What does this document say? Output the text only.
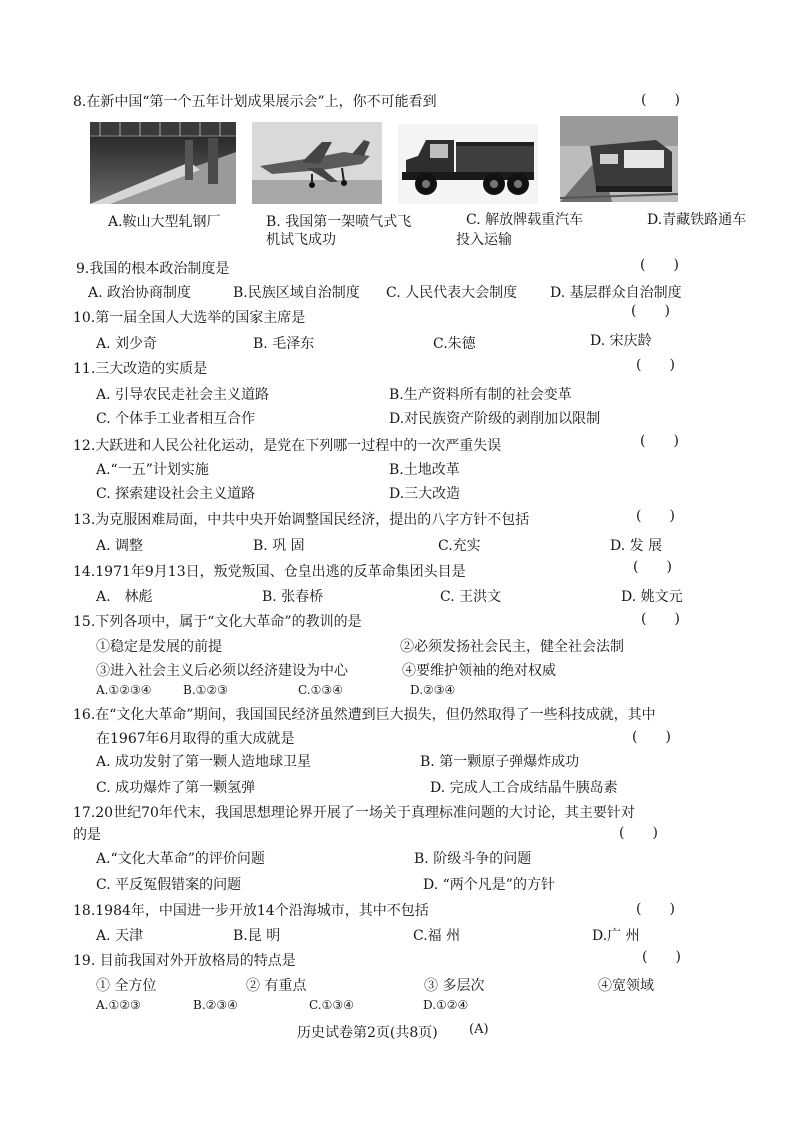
8.在新中国“第一个五年计划成果展示会”上，你不可能看到	(　　)
A.鞍山大型轧钢厂	B. 我国第一架喷气式飞
机试飞成功
C. 解放牌载重汽车
投入运输
D.青藏铁路通车
9.我国的根本政治制度是	(　　)
A. 政治协商制度	B.民族区域自治制度 C. 人民代表大会制度 D. 基层群众自治制度
10.第一届全国人大选举的国家主席是	(　　)
A. 刘少奇	B. 毛泽东	C.朱德	D. 宋庆龄
11.三大改造的实质是	(　　)
A. 引导农民走社会主义道路	B.生产资料所有制的社会变革
C. 个体手工业者相互合作	D.对民族资产阶级的剥削加以限制
12.大跃进和人民公社化运动，是党在下列哪一过程中的一次严重失误	(　　)
A.“一五”计划实施	B.土地改革
C. 探索建设社会主义道路	D.三大改造
13.为克服困难局面，中共中央开始调整国民经济，提出的八字方针不包括	(　　)
A. 调整	B. 巩 固	C.充实	D. 发 展
14.1971年9月13日，叛党叛国、仓皇出逃的反革命集团头目是	(　　)
A.　林彪	B. 张春桥	C. 王洪文	D. 姚文元
15.下列各项中，属于“文化大革命”的教训的是	(　　)
①稳定是发展的前提	②必须发扬社会民主，健全社会法制
③进入社会主义后必须以经济建设为中心	④要维护领袖的绝对权威
A.①②③④	B.①②③	C.①③④	D.②③④
16.在“文化大革命”期间，我国国民经济虽然遭到巨大损失，但仍然取得了一些科技成就，其中
在1967年6月取得的重大成就是	(　　)
A. 成功发射了第一颗人造地球卫星	B. 第一颗原子弹爆炸成功
C. 成功爆炸了第一颗氢弹	D. 完成人工合成结晶牛胰岛素
17.20世纪70年代末，我国思想理论界开展了一场关于真理标准问题的大讨论，其主要针对
的是	(　　)
A.“文化大革命”的评价问题	B. 阶级斗争的问题
C. 平反冤假错案的问题	D. “两个凡是”的方针
18.1984年，中国进一步开放14个沿海城市，其中不包括	(　　)
A. 天津	B.昆 明	C.福 州	D.广 州
19. 目前我国对外开放格局的特点是	(　　)
① 全方位	② 有重点	③ 多层次	④宽领域
A.①②③	B.②③④	C.①③④	D.①②④
历史试卷第2页(共8页) (A)
